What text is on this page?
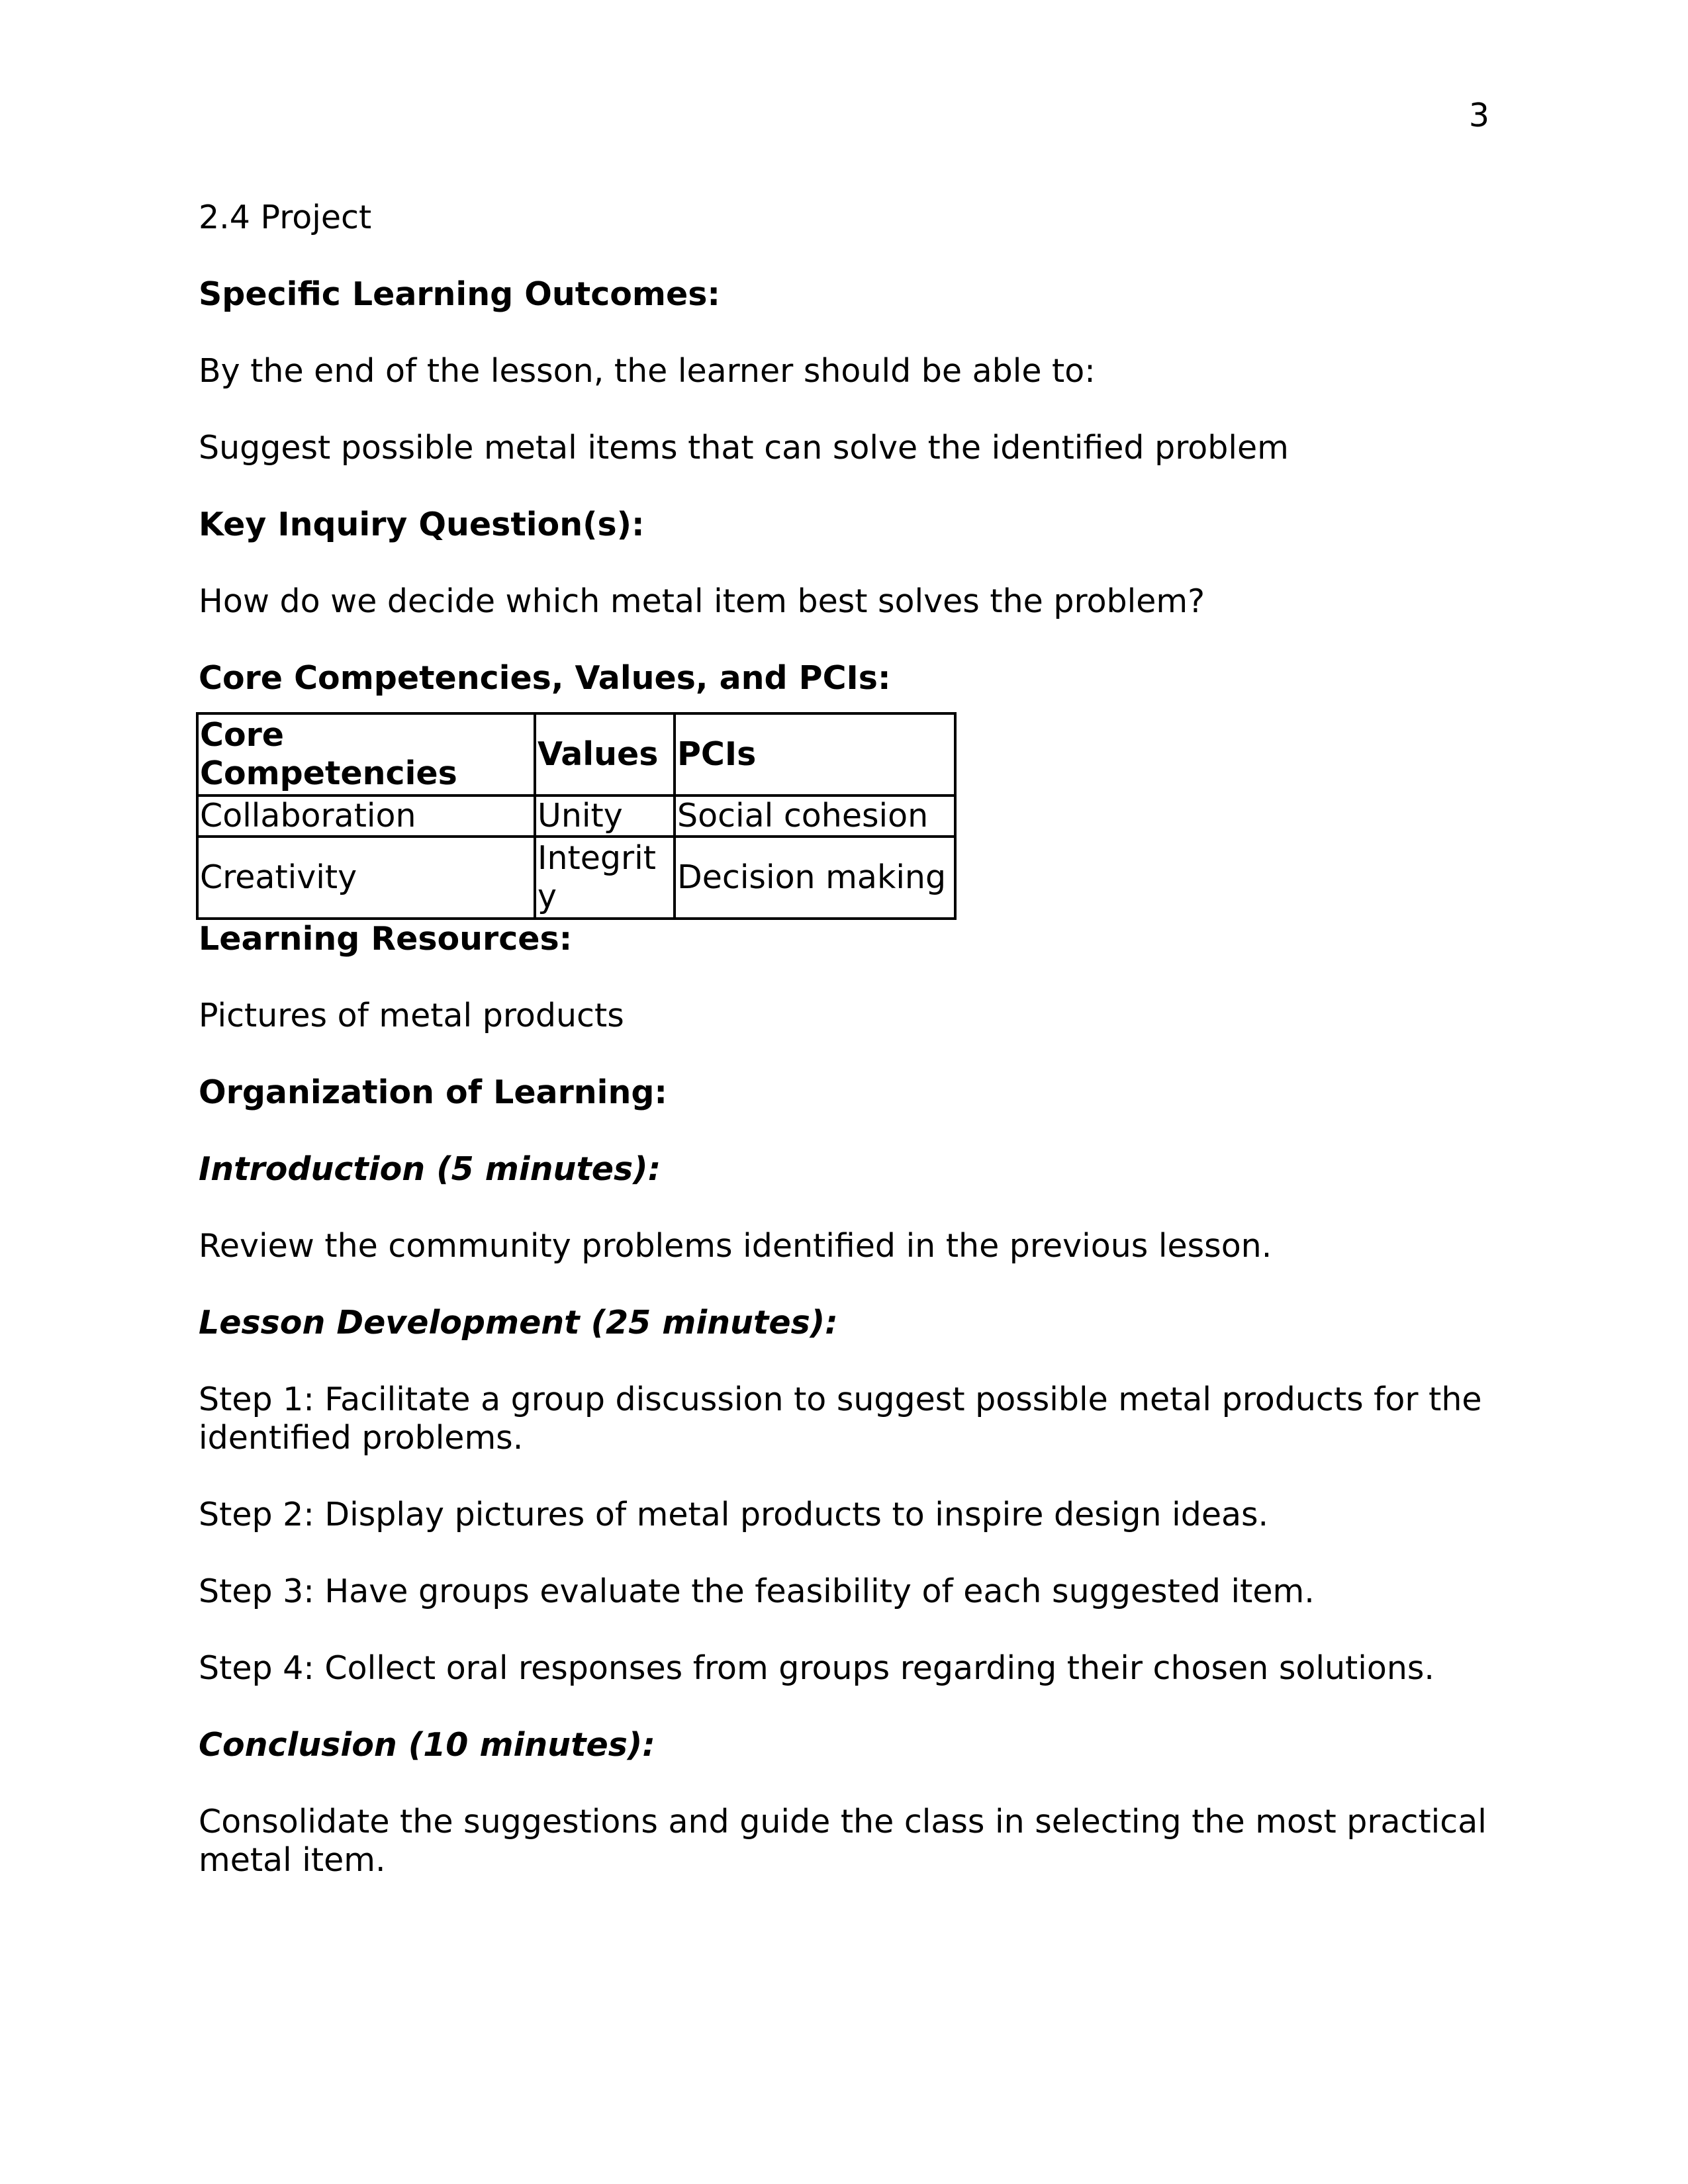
3

2.4 Project

Specific Learning Outcomes:

By the end of the lesson, the learner should be able to:

Suggest possible metal items that can solve the identified problem

Key Inquiry Question(s):

How do we decide which metal item best solves the problem?

Core Competencies, Values, and PCIs:

Core Competencies	Values	PCIs
Collaboration	Unity	Social cohesion
Creativity	Integrity	Decision making

Learning Resources:

Pictures of metal products

Organization of Learning:

Introduction (5 minutes):

Review the community problems identified in the previous lesson.

Lesson Development (25 minutes):

Step 1: Facilitate a group discussion to suggest possible metal products for the identified problems.

Step 2: Display pictures of metal products to inspire design ideas.

Step 3: Have groups evaluate the feasibility of each suggested item.

Step 4: Collect oral responses from groups regarding their chosen solutions.

Conclusion (10 minutes):

Consolidate the suggestions and guide the class in selecting the most practical metal item.
